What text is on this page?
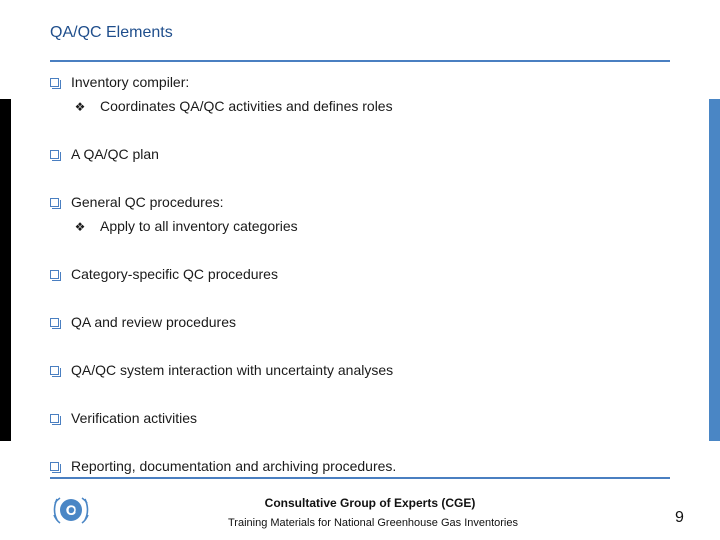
QA/QC Elements
Inventory compiler:
❖ Coordinates QA/QC activities and defines roles
A QA/QC plan
General QC procedures:
❖ Apply to all inventory categories
Category-specific QC procedures
QA and review procedures
QA/QC system interaction with uncertainty analyses
Verification activities
Reporting, documentation and archiving procedures.
C	Consultative Group of Experts (CGE)
Training Materials for National Greenhouse Gas Inventories	9
